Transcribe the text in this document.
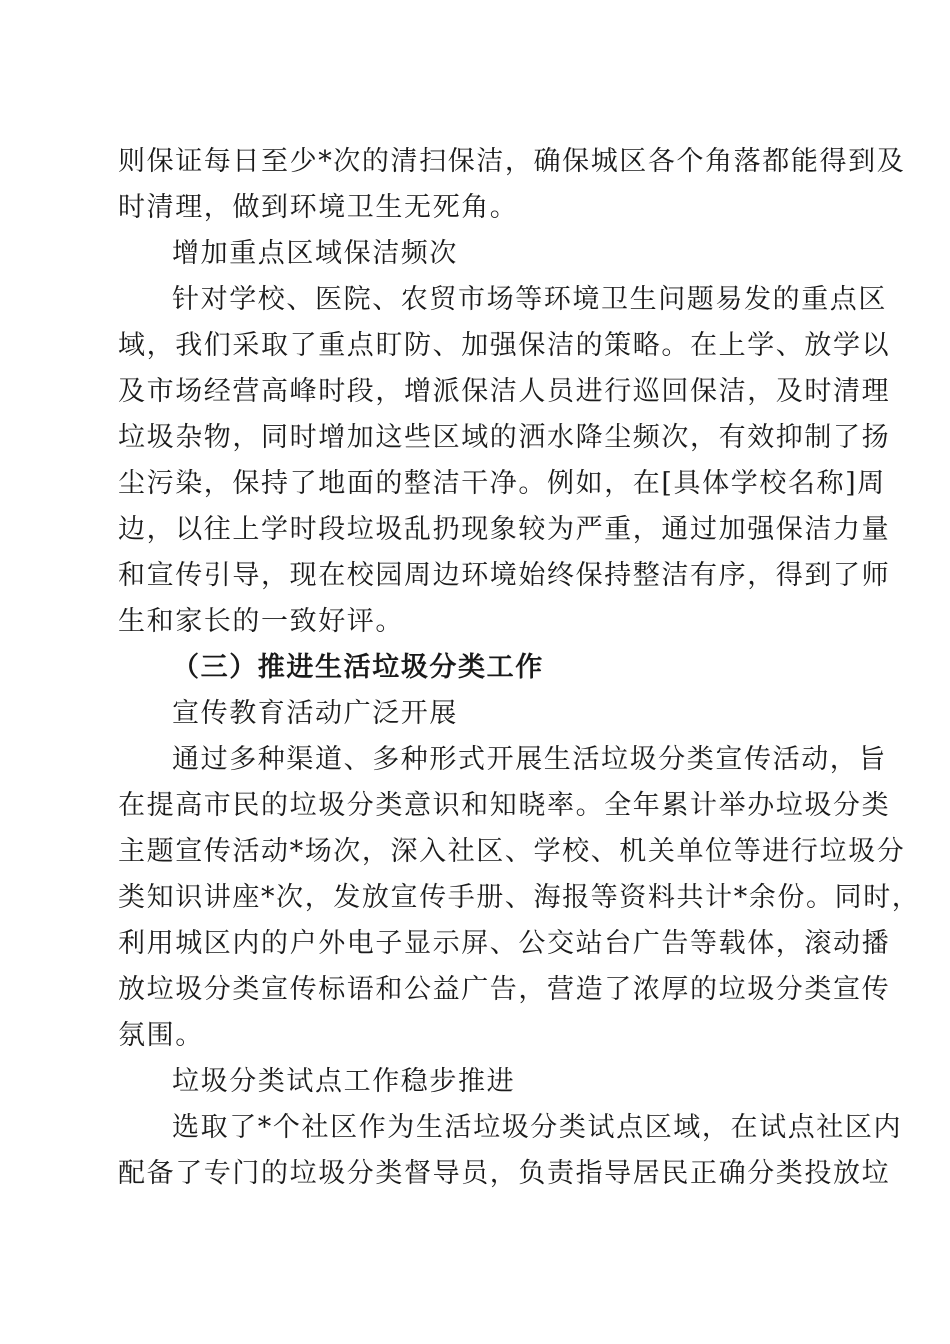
则保证每日至少*次的清扫保洁，确保城区各个角落都能得到及
时清理，做到环境卫生无死角。
增加重点区域保洁频次
针对学校、医院、农贸市场等环境卫生问题易发的重点区
域，我们采取了重点盯防、加强保洁的策略。在上学、放学以
及市场经营高峰时段，增派保洁人员进行巡回保洁，及时清理
垃圾杂物，同时增加这些区域的洒水降尘频次，有效抑制了扬
尘污染，保持了地面的整洁干净。例如，在[具体学校名称]周
边，以往上学时段垃圾乱扔现象较为严重，通过加强保洁力量
和宣传引导，现在校园周边环境始终保持整洁有序，得到了师
生和家长的一致好评。
（三）推进生活垃圾分类工作
宣传教育活动广泛开展
通过多种渠道、多种形式开展生活垃圾分类宣传活动，旨
在提高市民的垃圾分类意识和知晓率。全年累计举办垃圾分类
主题宣传活动*场次，深入社区、学校、机关单位等进行垃圾分
类知识讲座*次，发放宣传手册、海报等资料共计*余份。同时，
利用城区内的户外电子显示屏、公交站台广告等载体，滚动播
放垃圾分类宣传标语和公益广告，营造了浓厚的垃圾分类宣传
氛围。
垃圾分类试点工作稳步推进
选取了*个社区作为生活垃圾分类试点区域，在试点社区内
配备了专门的垃圾分类督导员，负责指导居民正确分类投放垃
